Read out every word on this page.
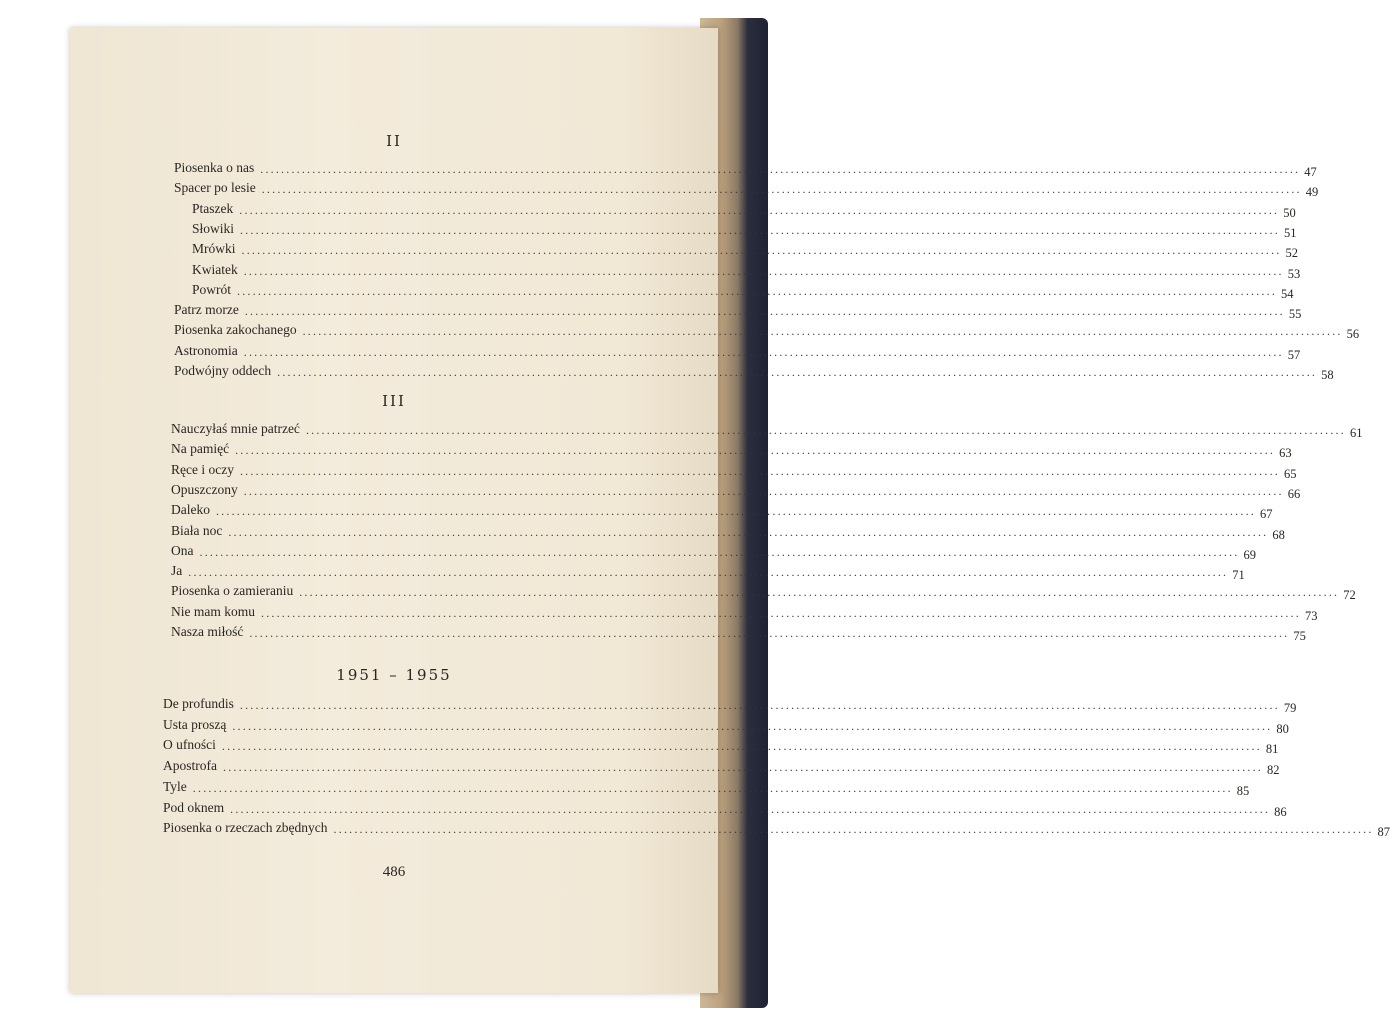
486
II
Piosenka o nas ........................................................................................................................................................................................................ 47
Spacer po lesie ........................................................................................................................................................................................................ 49
Ptaszek ........................................................................................................................................................................................................ 50
Słowiki ........................................................................................................................................................................................................ 51
Mrówki ........................................................................................................................................................................................................ 52
Kwiatek ........................................................................................................................................................................................................ 53
Powrót ........................................................................................................................................................................................................ 54
Patrz morze ........................................................................................................................................................................................................ 55
Piosenka zakochanego ........................................................................................................................................................................................................ 56
Astronomia ........................................................................................................................................................................................................ 57
Podwójny oddech ........................................................................................................................................................................................................ 58
III
Nauczyłaś mnie patrzeć ........................................................................................................................................................................................................ 61
Na pamięć ........................................................................................................................................................................................................ 63
Ręce i oczy ........................................................................................................................................................................................................ 65
Opuszczony ........................................................................................................................................................................................................ 66
Daleko ........................................................................................................................................................................................................ 67
Biała noc ........................................................................................................................................................................................................ 68
Ona ........................................................................................................................................................................................................ 69
Ja ........................................................................................................................................................................................................ 71
Piosenka o zamieraniu ........................................................................................................................................................................................................ 72
Nie mam komu ........................................................................................................................................................................................................ 73
Nasza miłość ........................................................................................................................................................................................................ 75
1951 – 1955
De profundis ........................................................................................................................................................................................................ 79
Usta proszą ........................................................................................................................................................................................................ 80
O ufności ........................................................................................................................................................................................................ 81
Apostrofa ........................................................................................................................................................................................................ 82
Tyle ........................................................................................................................................................................................................ 85
Pod oknem ........................................................................................................................................................................................................ 86
Piosenka o rzeczach zbędnych ........................................................................................................................................................................................................ 87
